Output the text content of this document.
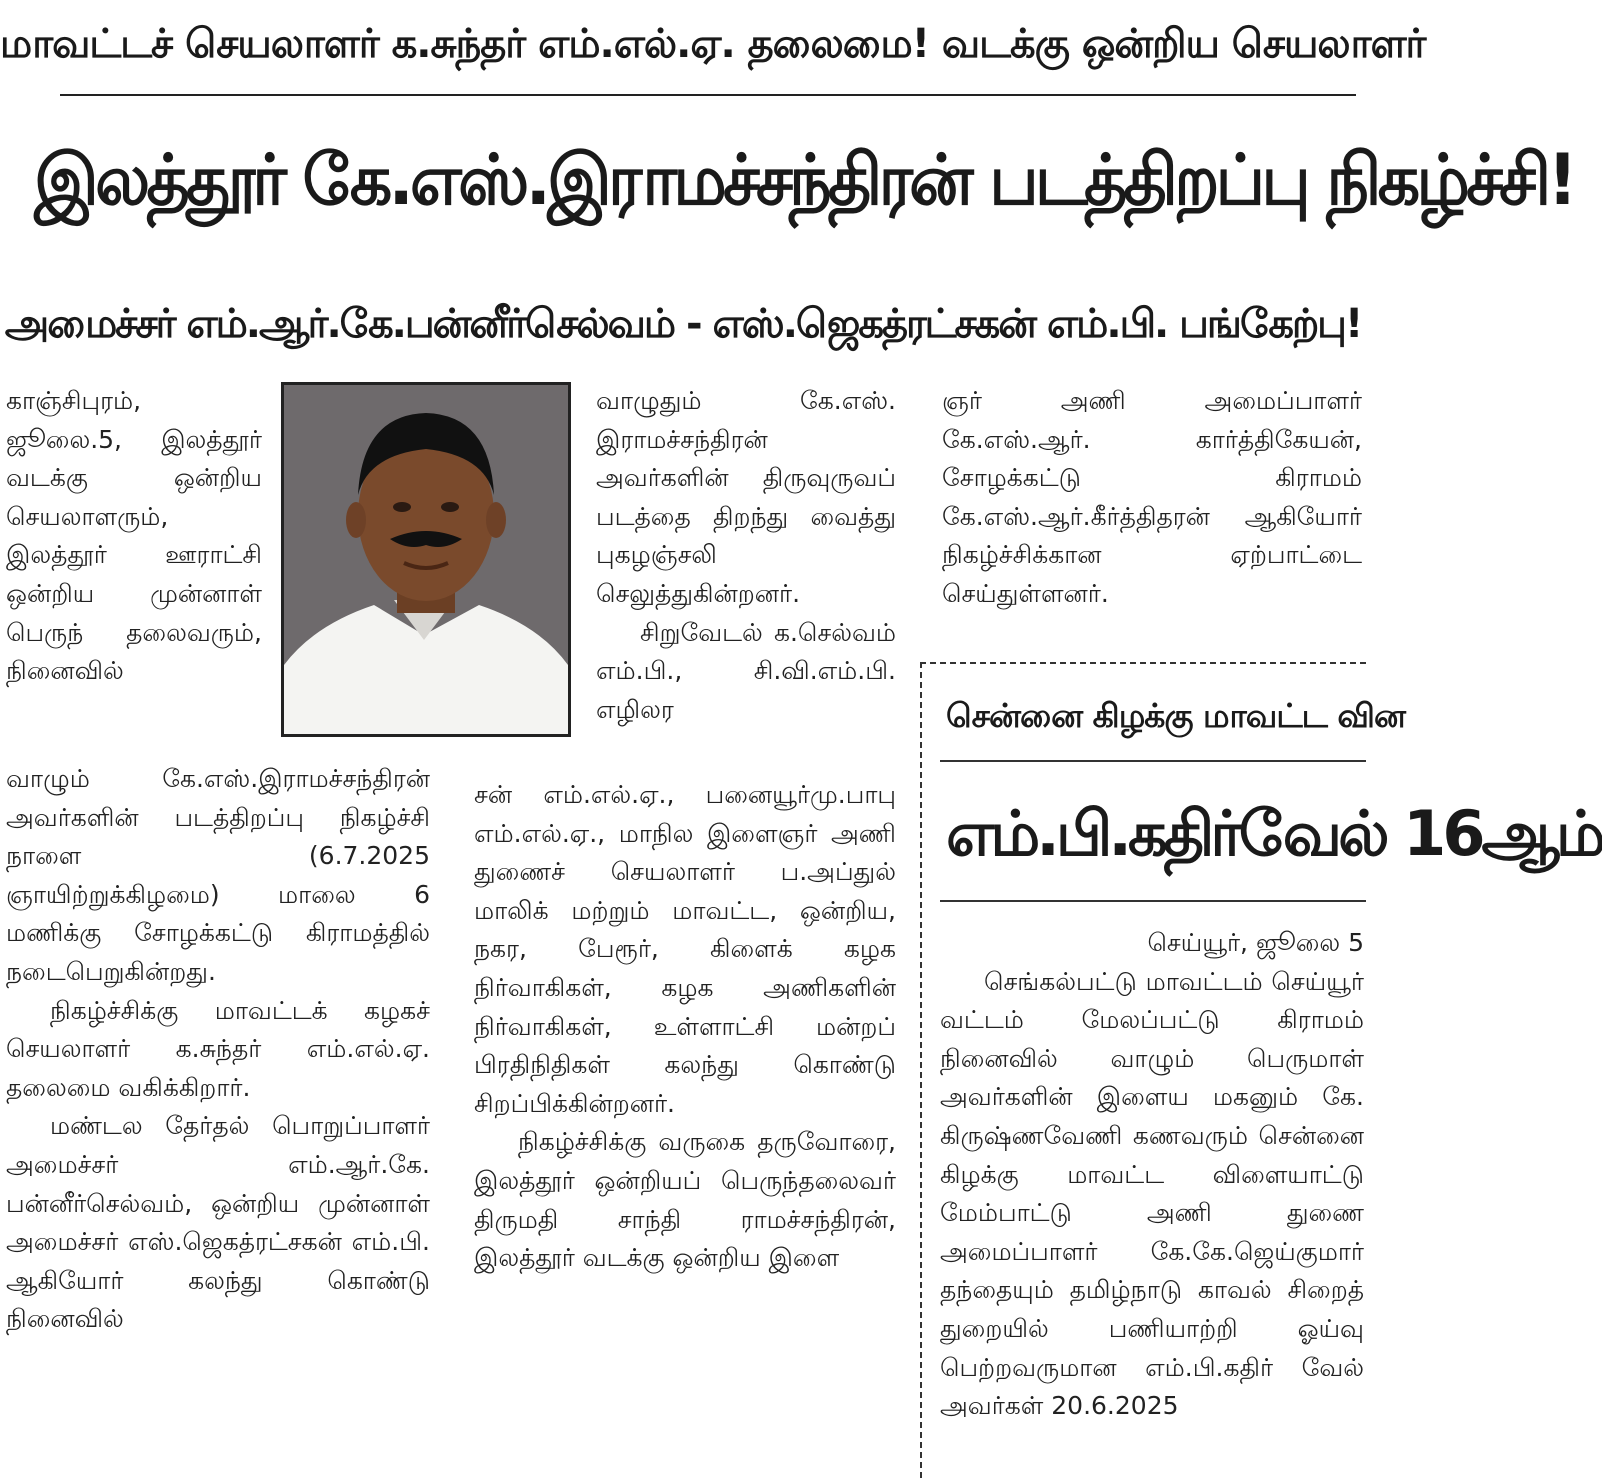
மாவட்டச் செயலாளர் க.சுந்தர் எம்.எல்.ஏ. தலைமை! வடக்கு ஒன்றிய செயலாளர்
இலத்தூர் கே.எஸ்.இராமச்சந்திரன் படத்திறப்பு நிகழ்ச்சி!
அமைச்சர் எம்.ஆர்.கே.பன்னீர்செல்வம் - எஸ்.ஜெகத்ரட்சகன் எம்.பி. பங்கேற்பு!

காஞ்சிபுரம், ஜூலை.5, இலத்தூர் வடக்கு ஒன்றிய செயலாளரும், இலத்தூர் ஊராட்சி ஒன்றிய முன்னாள் பெருந் தலைவரும், நினைவில்

வாழும் கே.எஸ்.இராமச்சந்திரன் அவர்களின் படத்திறப்பு நிகழ்ச்சி நாளை (6.7.2025 ஞாயிற்றுக்கிழமை) மாலை 6 மணிக்கு சோழக்கட்டு கிராமத்தில் நடைபெறுகின்றது.

நிகழ்ச்சிக்கு மாவட்டக் கழகச் செயலாளர் க.சுந்தர் எம்.எல்.ஏ. தலைமை வகிக்கிறார்.

மண்டல தேர்தல் பொறுப்பாளர் அமைச்சர் எம்.ஆர்.கே. பன்னீர்செல்வம், ஒன்றிய முன்னாள் அமைச்சர் எஸ்.ஜெகத்ரட்சகன் எம்.பி. ஆகியோர் கலந்து கொண்டு நினைவில்

வாழுதும் கே.எஸ். இராமச்சந்திரன் அவர்களின் திருவுருவப் படத்தை திறந்து வைத்து புகழஞ்சலி செலுத்துகின்றனர்.

சிறுவேடல் க.செல்வம் எம்.பி., சி.வி.எம்.பி. எழிலர

சன் எம்.எல்.ஏ., பனையூர்மு.பாபு எம்.எல்.ஏ., மாநில இளைஞர் அணி துணைச் செயலாளர் ப.அப்துல் மாலிக் மற்றும் மாவட்ட, ஒன்றிய, நகர, பேரூர், கிளைக் கழக நிர்வாகிகள், கழக அணிகளின் நிர்வாகிகள், உள்ளாட்சி மன்றப் பிரதிநிதிகள் கலந்து கொண்டு சிறப்பிக்கின்றனர்.

நிகழ்ச்சிக்கு வருகை தருவோரை, இலத்தூர் ஒன்றியப் பெருந்தலைவர் திருமதி சாந்தி ராமச்சந்திரன், இலத்தூர் வடக்கு ஒன்றிய இளை

ஞர் அணி அமைப்பாளர் கே.எஸ்.ஆர். கார்த்திகேயன், சோழக்கட்டு கிராமம் கே.எஸ்.ஆர்.கீர்த்திதரன் ஆகியோர் நிகழ்ச்சிக்கான ஏற்பாட்டை செய்துள்ளனர்.

சென்னை கிழக்கு மாவட்ட வின
எம்.பி.கதிர்வேல் 16ஆம்

செய்யூர், ஜூலை 5

செங்கல்பட்டு மாவட்டம் செய்யூர் வட்டம் மேலப்பட்டு கிராமம் நினைவில் வாழும் பெருமாள் அவர்களின் இளைய மகனும் கே. கிருஷ்ணவேணி கணவரும் சென்னை கிழக்கு மாவட்ட விளையாட்டு மேம்பாட்டு அணி துணை அமைப்பாளர் கே.கே.ஜெய்குமார் தந்தையும் தமிழ்நாடு காவல் சிறைத் துறையில் பணியாற்றி ஓய்வு பெற்றவருமான எம்.பி.கதிர் வேல் அவர்கள் 20.6.2025
